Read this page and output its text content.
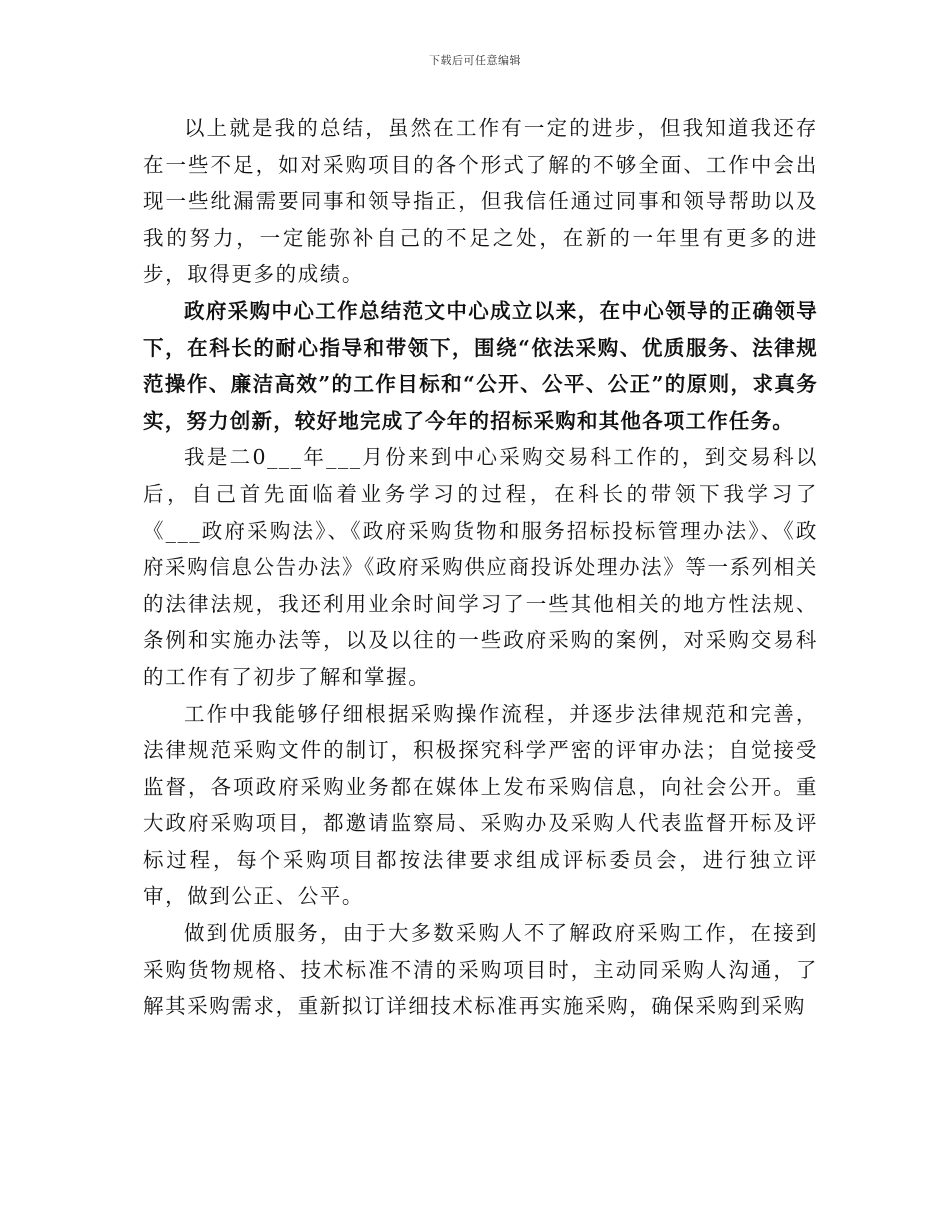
下载后可任意编辑

以上就是我的总结，虽然在工作有一定的进步，但我知道我还存在一些不足，如对采购项目的各个形式了解的不够全面、工作中会出现一些纰漏需要同事和领导指正，但我信任通过同事和领导帮助以及我的努力，一定能弥补自己的不足之处，在新的一年里有更多的进步，取得更多的成绩。

政府采购中心工作总结范文中心成立以来，在中心领导的正确领导下，在科长的耐心指导和带领下，围绕“依法采购、优质服务、法律规范操作、廉洁高效”的工作目标和“公开、公平、公正”的原则，求真务实，努力创新，较好地完成了今年的招标采购和其他各项工作任务。

我是二0___年___月份来到中心采购交易科工作的，到交易科以后，自己首先面临着业务学习的过程，在科长的带领下我学习了《___政府采购法》、《政府采购货物和服务招标投标管理办法》、《政府采购信息公告办法》《政府采购供应商投诉处理办法》等一系列相关的法律法规，我还利用业余时间学习了一些其他相关的地方性法规、条例和实施办法等，以及以往的一些政府采购的案例，对采购交易科的工作有了初步了解和掌握。

工作中我能够仔细根据采购操作流程，并逐步法律规范和完善，法律规范采购文件的制订，积极探究科学严密的评审办法；自觉接受监督，各项政府采购业务都在媒体上发布采购信息，向社会公开。重大政府采购项目，都邀请监察局、采购办及采购人代表监督开标及评标过程，每个采购项目都按法律要求组成评标委员会，进行独立评审，做到公正、公平。

做到优质服务，由于大多数采购人不了解政府采购工作，在接到采购货物规格、技术标准不清的采购项目时，主动同采购人沟通，了解其采购需求，重新拟订详细技术标准再实施采购，确保采购到采购
